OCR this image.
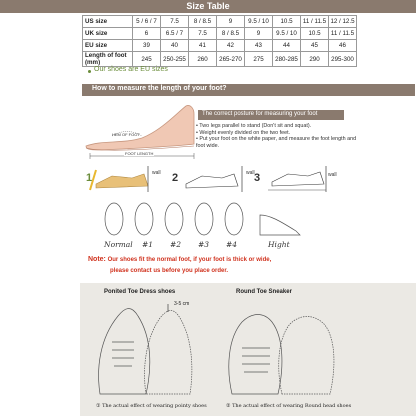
Size Table
US size	5 / 6 / 7	7.5	8 / 8.5	9	9.5 / 10	10.5	11 / 11.5	12 / 12.5
UK size	6	6.5 / 7	7.5	8 / 8.5	9	9.5 / 10	10.5	11 / 11.5
EU size	39	40	41	42	43	44	45	46
Length of foot (mm)	245	250-255	260	265-270	275	280-285	290	295-300
Our shoes are EU sizes
How to measure the length of your foot?
HEM OF FOOT
FOOT LENGTH
The correct posture for measuring your foot
• Two legs parallel to stand (Don't sit and squat).
• Weight evenly divided on the two feet.
• Put your foot on the white paper, and measure the foot length and foot wide.
1	2	3
wall	wall	wall
Normal #1 #2 #3 #4	Hight
Note: Our shoes fit the normal foot, if your foot is thick or wide,
please contact us before you place order.
Ponited Toe Dress shoes	Round Toe Sneaker
3-5 cm
① The actual effect of wearing pointy shoes	② The actual effect of wearing Round head shoes
